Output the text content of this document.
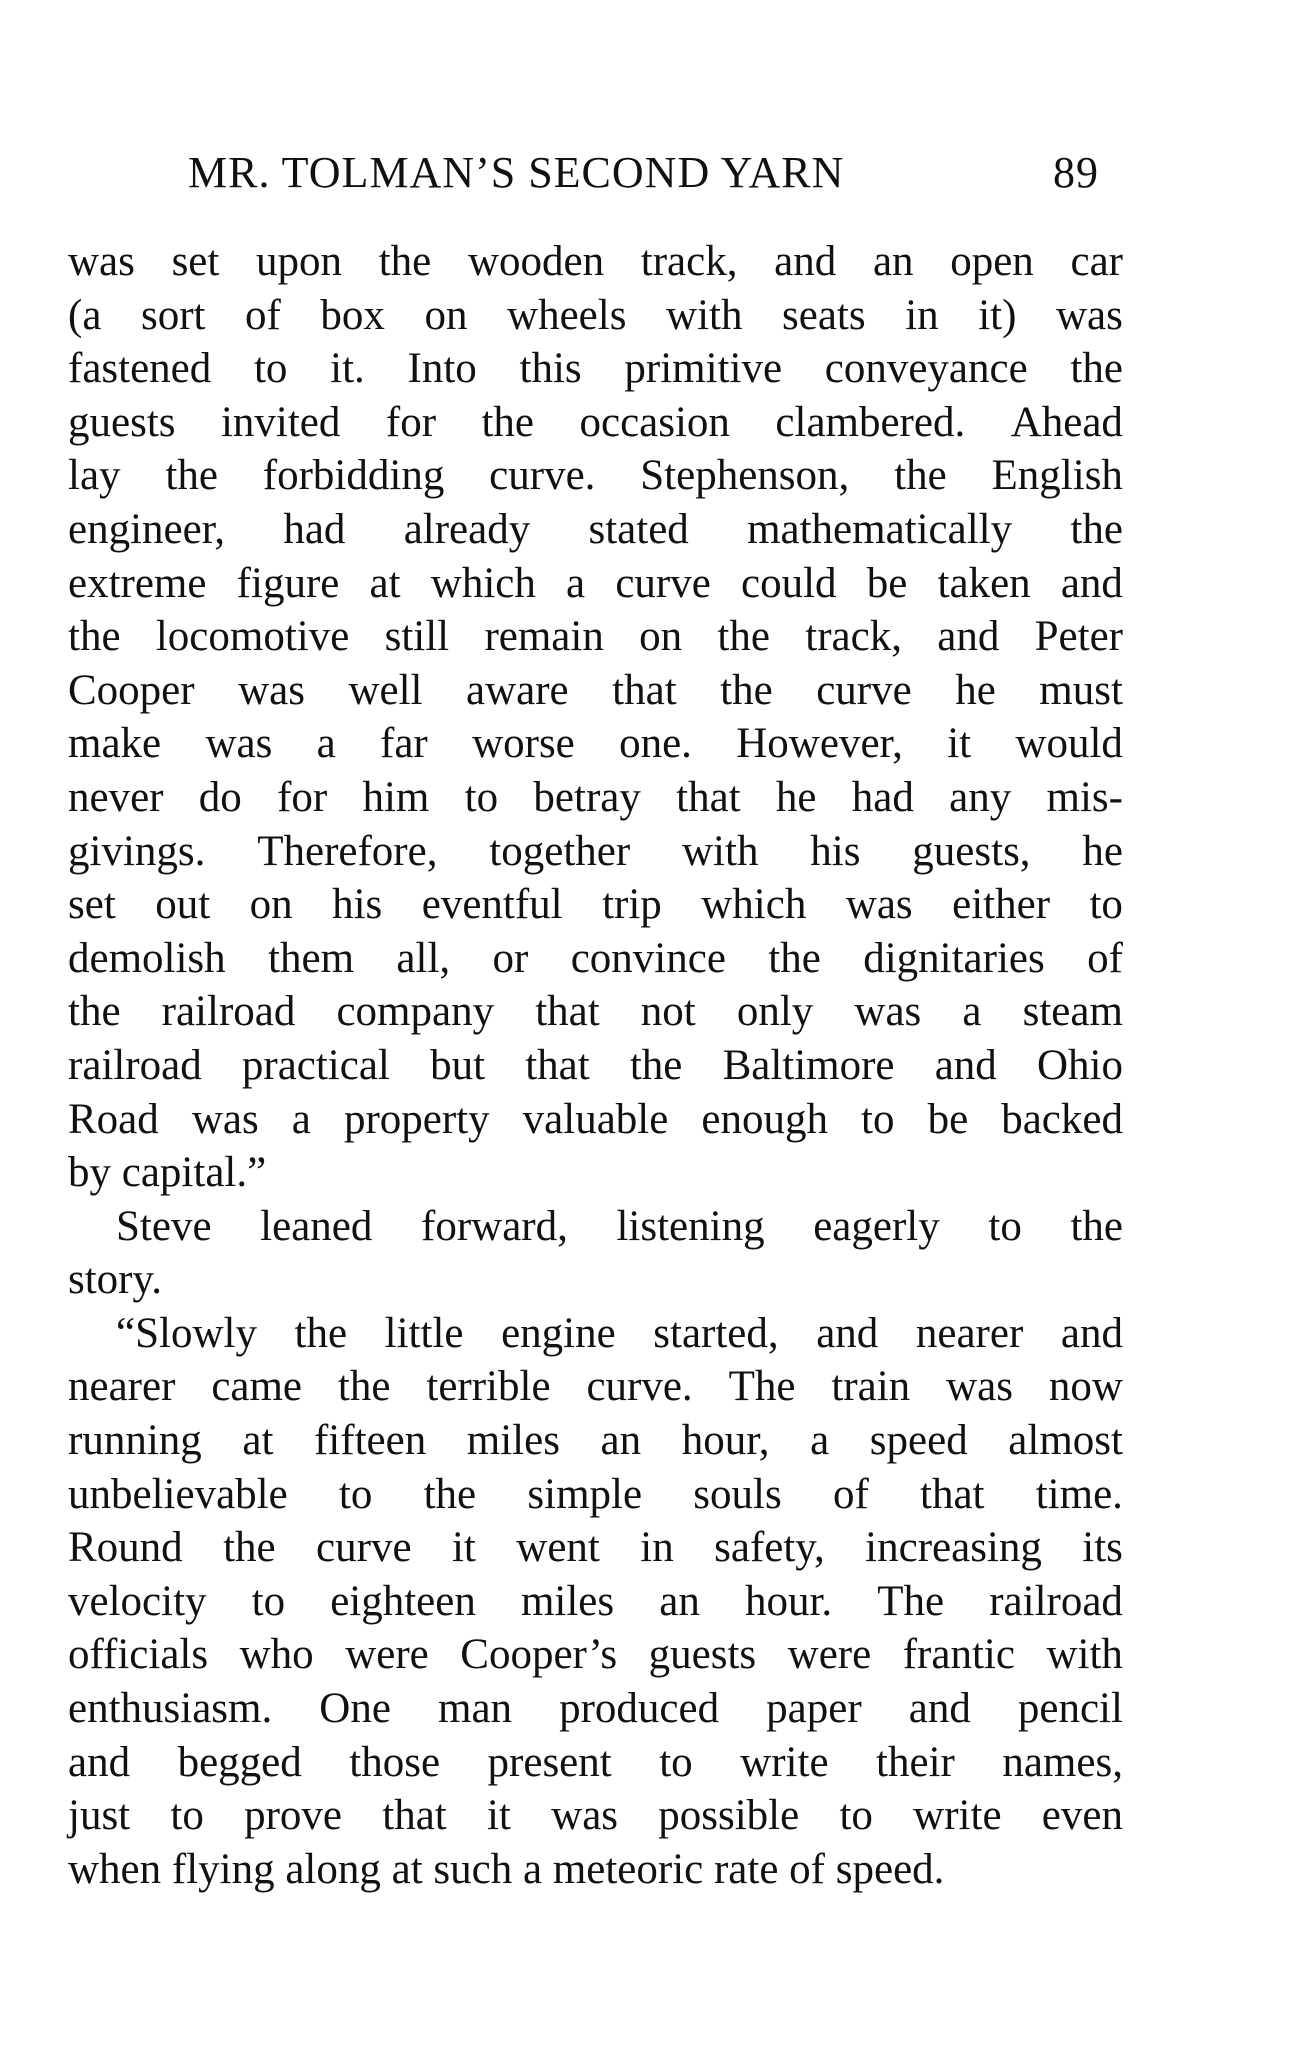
MR. TOLMAN’S SECOND YARN	89
was set upon the wooden track, and an open car
(a sort of box on wheels with seats in it) was
fastened to it. Into this primitive conveyance the
guests invited for the occasion clambered. Ahead
lay the forbidding curve. Stephenson, the English
engineer, had already stated mathematically the
extreme figure at which a curve could be taken and
the locomotive still remain on the track, and Peter
Cooper was well aware that the curve he must
make was a far worse one. However, it would
never do for him to betray that he had any mis-
givings. Therefore, together with his guests, he
set out on his eventful trip which was either to
demolish them all, or convince the dignitaries of
the railroad company that not only was a steam
railroad practical but that the Baltimore and Ohio
Road was a property valuable enough to be backed
by capital.”
Steve leaned forward, listening eagerly to the
story.
“Slowly the little engine started, and nearer and
nearer came the terrible curve. The train was now
running at fifteen miles an hour, a speed almost
unbelievable to the simple souls of that time.
Round the curve it went in safety, increasing its
velocity to eighteen miles an hour. The railroad
officials who were Cooper’s guests were frantic with
enthusiasm. One man produced paper and pencil
and begged those present to write their names,
just to prove that it was possible to write even
when flying along at such a meteoric rate of speed.
